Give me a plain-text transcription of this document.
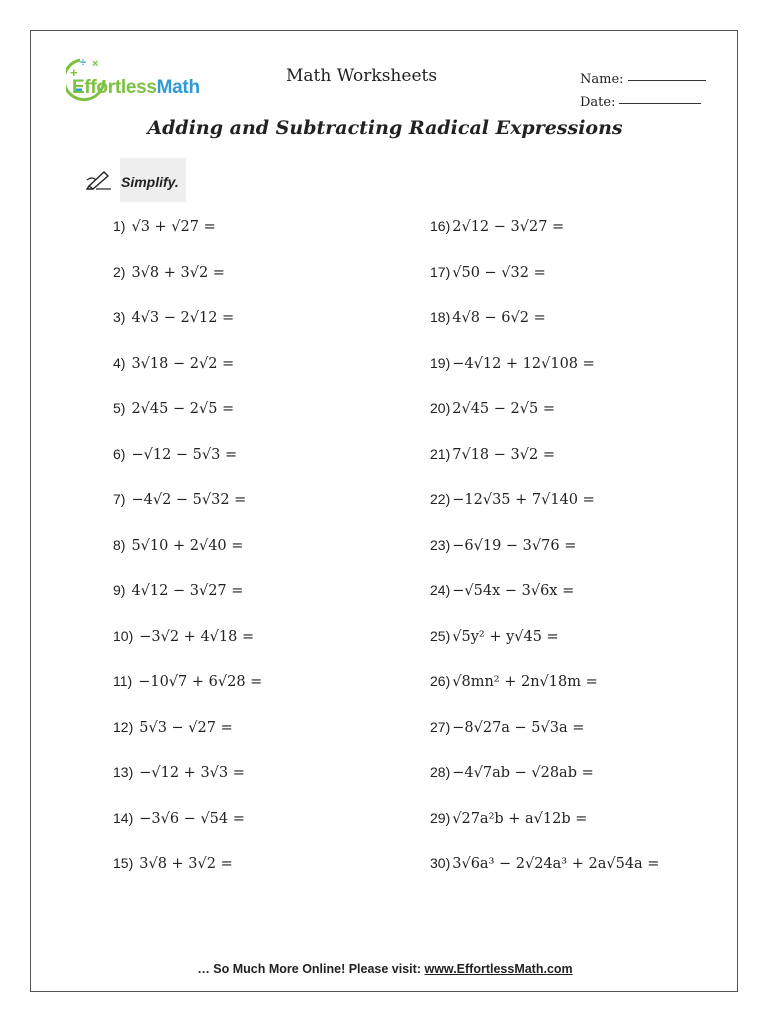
+
÷ ×
EffortlessMath
Math Worksheets	Name:
Date:
Adding and Subtracting Radical Expressions
Simplify.
1) √3 + √27 =
2) 3√8 + 3√2 =
3) 4√3 − 2√12 =
4) 3√18 − 2√2 =
5) 2√45 − 2√5 =
6) −√12 − 5√3 =
7) −4√2 − 5√32 =
8) 5√10 + 2√40 =
9) 4√12 − 3√27 =
10) −3√2 + 4√18 =
11) −10√7 + 6√28 =
12) 5√3 − √27 =
13) −√12 + 3√3 =
14) −3√6 − √54 =
15) 3√8 + 3√2 =
16) 2√12 − 3√27 =
17) √50 − √32 =
18) 4√8 − 6√2 =
19) −4√12 + 12√108 =
20) 2√45 − 2√5 =
21) 7√18 − 3√2 =
22) −12√35 + 7√140 =
23) −6√19 − 3√76 =
24) −√54x − 3√6x =
25) √5y² + y√45 =
26) √8mn² + 2n√18m =
27) −8√27a − 5√3a =
28) −4√7ab − √28ab =
29) √27a²b + a√12b =
30) 3√6a³ − 2√24a³ + 2a√54a =
… So Much More Online! Please visit: www.EffortlessMath.com
